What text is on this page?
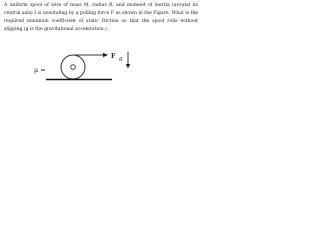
A uniform spool of wire of mass M, radius R, and moment of inertia (around its central axis) I is unwinding by a pulling force F as shown in the Figure. What is the required minimum coefficient of static friction so that the spool rolls without slipping (g is the gravitational acceleration.).

μ =
F g
